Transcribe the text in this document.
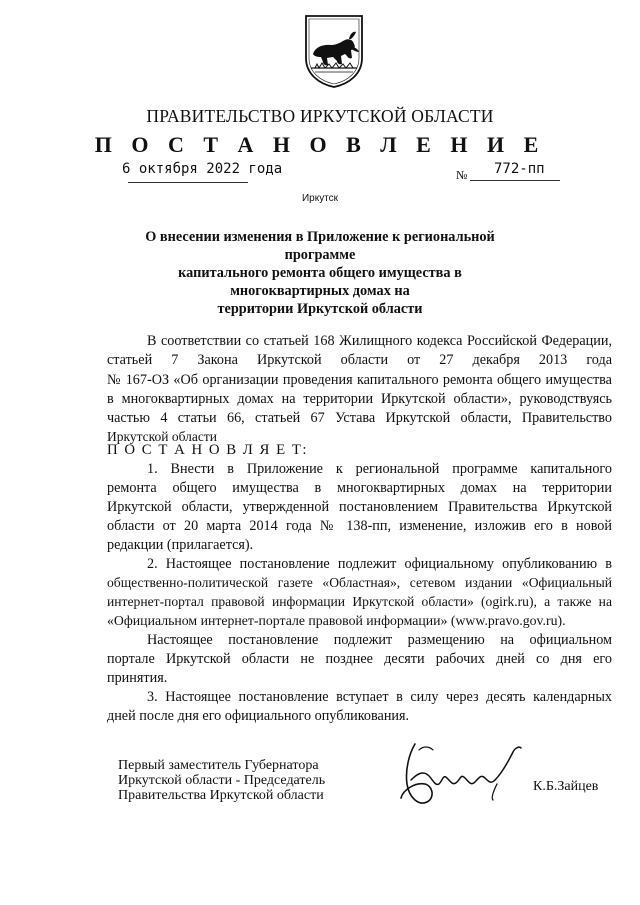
ПРАВИТЕЛЬСТВО ИРКУТСКОЙ ОБЛАСТИ
П О С Т А Н О В Л Е Н И Е
6 октября 2022 года	№ 772-пп
Иркутск
О внесении изменения в Приложение к региональной программе
капитального ремонта общего имущества в многоквартирных домах на
территории Иркутской области
В соответствии со статьей 168 Жилищного кодекса Российской Федерации,
статьей 7 Закона Иркутской области от 27 декабря 2013 года
№ 167-ОЗ «Об организации проведения капитального ремонта общего имущества
в многоквартирных домах на территории Иркутской области», руководствуясь
частью 4 статьи 66, статьей 67 Устава Иркутской области, Правительство
Иркутской области
П О С Т А Н О В Л Я Е Т:
1. Внести в Приложение к региональной программе капитального
ремонта общего имущества в многоквартирных домах на территории
Иркутской области, утвержденной постановлением Правительства Иркутской
области от 20 марта 2014 года № 138-пп, изменение, изложив его в новой
редакции (прилагается).
2. Настоящее постановление подлежит официальному опубликованию в
общественно-политической газете «Областная», сетевом издании «Официальный
интернет-портал правовой информации Иркутской области» (ogirk.ru), а также на
«Официальном интернет-портале правовой информации» (www.pravo.gov.ru).
Настоящее постановление подлежит размещению на официальном
портале Иркутской области не позднее десяти рабочих дней со дня его
принятия.
3. Настоящее постановление вступает в силу через десять календарных
дней после дня его официального опубликования.
Первый заместитель Губернатора
Иркутской области - Председатель
Правительства Иркутской области
К.Б.Зайцев
